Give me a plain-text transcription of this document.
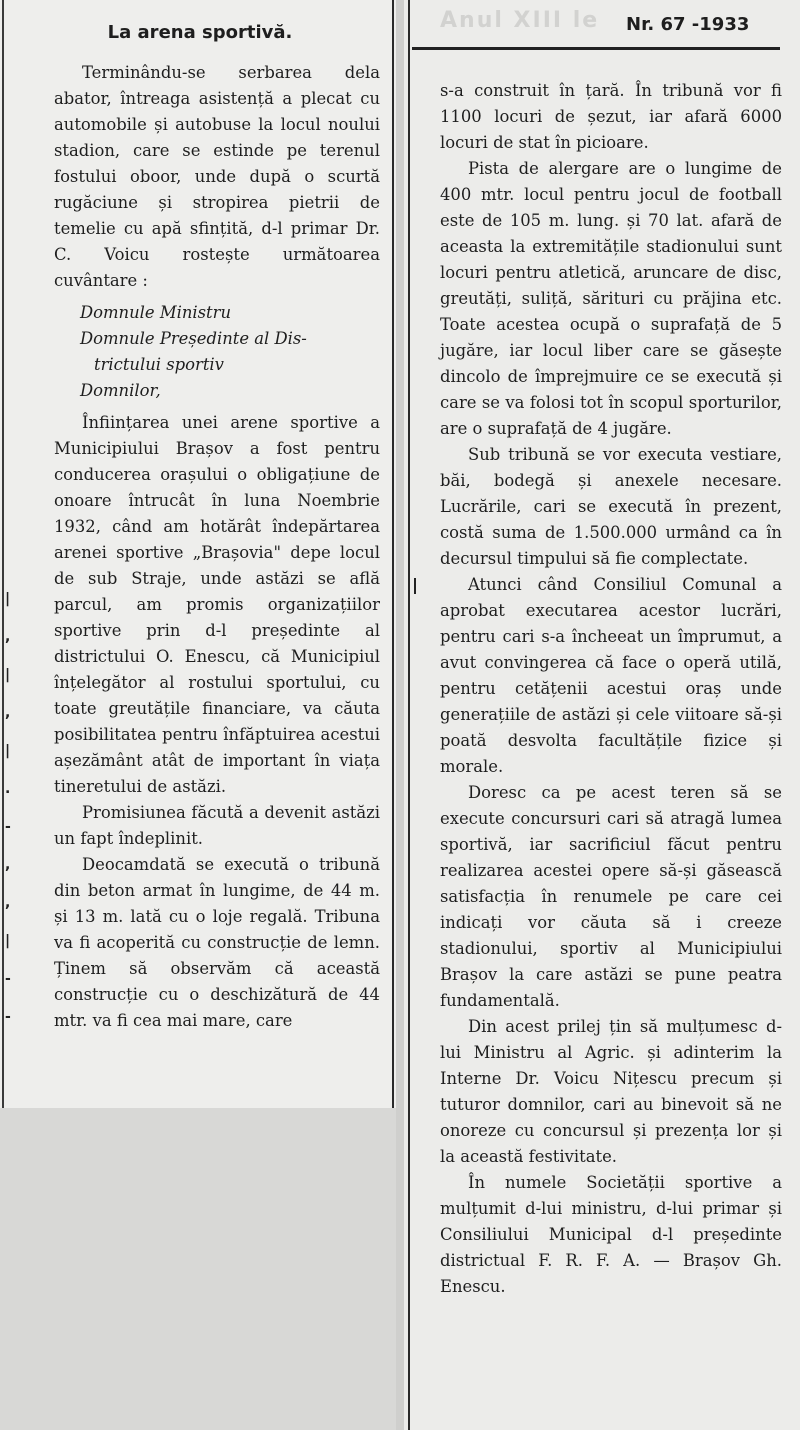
Anul XIII le Nr. 67 -1933
La arena sportivă.

Terminându-se serbarea dela abator, întreaga asistență a plecat cu automobile și autobuse la locul noului stadion, care se estinde pe terenul fostului oboor, unde după o scurtă rugăciune și stropirea pietrii de temelie cu apă sfințită, d-l primar Dr. C. Voicu rostește următoarea cuvântare :

Domnule Ministru
Domnule Președinte al Dis-
trictului sportiv
Domnilor,

Înființarea unei arene sportive a Municipiului Brașov a fost pentru conducerea orașului o obligațiune de onoare întrucât în luna Noembrie 1932, când am hotărât îndepărtarea arenei sportive „Brașovia" depe locul de sub Straje, unde astăzi se află parcul, am promis organizațiilor sportive prin d-l președinte al districtului O. Enescu, că Municipiul înțelegător al rostului sportului, cu toate greutățile financiare, va căuta posibilitatea pentru înfăptuirea acestui așezământ atât de important în viața tineretului de astăzi.

Promisiunea făcută a devenit astăzi un fapt îndeplinit.

Deocamdată se execută o tribună din beton armat în lungime, de 44 m. și 13 m. lată cu o loje regală. Tribuna va fi acoperită cu construcție de lemn. Ținem să observăm că această construcție cu o deschizătură de 44 mtr. va fi cea mai mare, care

|
,
|
,
|
.
-
,
,
|
-
-

s-a construit în țară. În tribună vor fi 1100 locuri de șezut, iar afară 6000 locuri de stat în picioare.

Pista de alergare are o lungime de 400 mtr. locul pentru jocul de football este de 105 m. lung. și 70 lat. afară de aceasta la extremitățile stadionului sunt locuri pentru atletică, aruncare de disc, greutăți, suliță, sărituri cu prăjina etc. Toate acestea ocupă o suprafață de 5 jugăre, iar locul liber care se găsește dincolo de împrejmuire ce se execută și care se va folosi tot în scopul sporturilor, are o suprafață de 4 jugăre.

Sub tribună se vor executa vestiare, băi, bodegă și anexele necesare. Lucrările, cari se execută în prezent, costă suma de 1.500.000 urmând ca în decursul timpului să fie complectate.

Atunci când Consiliul Comunal a aprobat executarea acestor lucrări, pentru cari s-a încheeat un împrumut, a avut convingerea că face o operă utilă, pentru cetățenii acestui oraș unde generațiile de astăzi și cele viitoare să-și poată desvolta facultățile fizice și morale.

Doresc ca pe acest teren să se execute concursuri cari să atragă lumea sportivă, iar sacrificiul făcut pentru realizarea acestei opere să-și găsească satisfacția în renumele pe care cei indicați vor căuta să i creeze stadionului, sportiv al Municipiului Brașov la care astăzi se pune peatra fundamentală.

Din acest prilej țin să mulțumesc d-lui Ministru al Agric. și adinterim la Interne Dr. Voicu Nițescu precum și tuturor domnilor, cari au binevoit să ne onoreze cu concursul și prezența lor și la această festivitate.

În numele Societății sportive a mulțumit d-lui ministru, d-lui primar și Consiliului Municipal d-l președinte districtual F. R. F. A. — Brașov Gh. Enescu.
